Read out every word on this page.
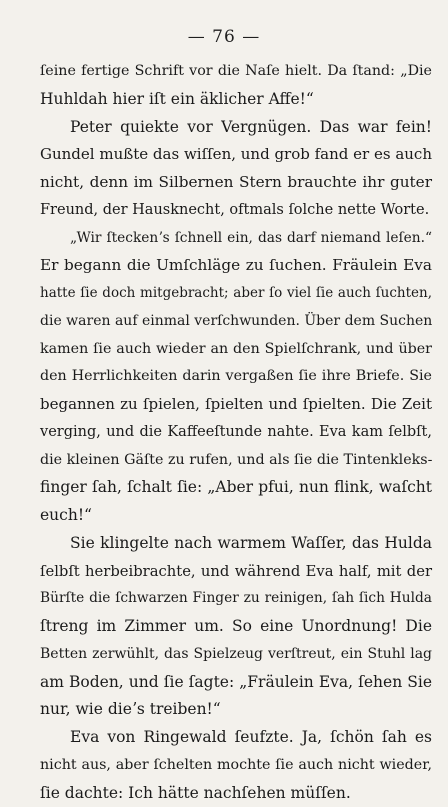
— 76 —
ſeine fertige Schrift vor die Naſe hielt. Da ſtand: „Die
Huhldah hier iſt ein äklicher Affe!“
Peter quiekte vor Vergnügen. Das war fein!
Gundel mußte das wiſſen, und grob fand er es auch
nicht, denn im Silbernen Stern brauchte ihr guter
Freund, der Hausknecht, oftmals ſolche nette Worte.
„Wir ſteckenʼs ſchnell ein, das darf niemand leſen.“
Er begann die Umſchläge zu ſuchen. Fräulein Eva
hatte ſie doch mitgebracht; aber ſo viel ſie auch ſuchten,
die waren auf einmal verſchwunden. Über dem Suchen
kamen ſie auch wieder an den Spielſchrank, und über
den Herrlichkeiten darin vergaßen ſie ihre Briefe. Sie
begannen zu ſpielen, ſpielten und ſpielten. Die Zeit
verging, und die Kaffeeſtunde nahte. Eva kam ſelbſt,
die kleinen Gäſte zu rufen, und als ſie die Tintenkleks-
finger ſah, ſchalt ſie: „Aber pfui, nun flink, waſcht
euch!“
Sie klingelte nach warmem Waſſer, das Hulda
ſelbſt herbeibrachte, und während Eva half, mit der
Bürſte die ſchwarzen Finger zu reinigen, ſah ſich Hulda
ſtreng im Zimmer um. So eine Unordnung! Die
Betten zerwühlt, das Spielzeug verſtreut, ein Stuhl lag
am Boden, und ſie ſagte: „Fräulein Eva, ſehen Sie
nur, wie dieʼs treiben!“
Eva von Ringewald ſeufzte. Ja, ſchön ſah es
nicht aus, aber ſchelten mochte ſie auch nicht wieder,
ſie dachte: Ich hätte nachſehen müſſen.
